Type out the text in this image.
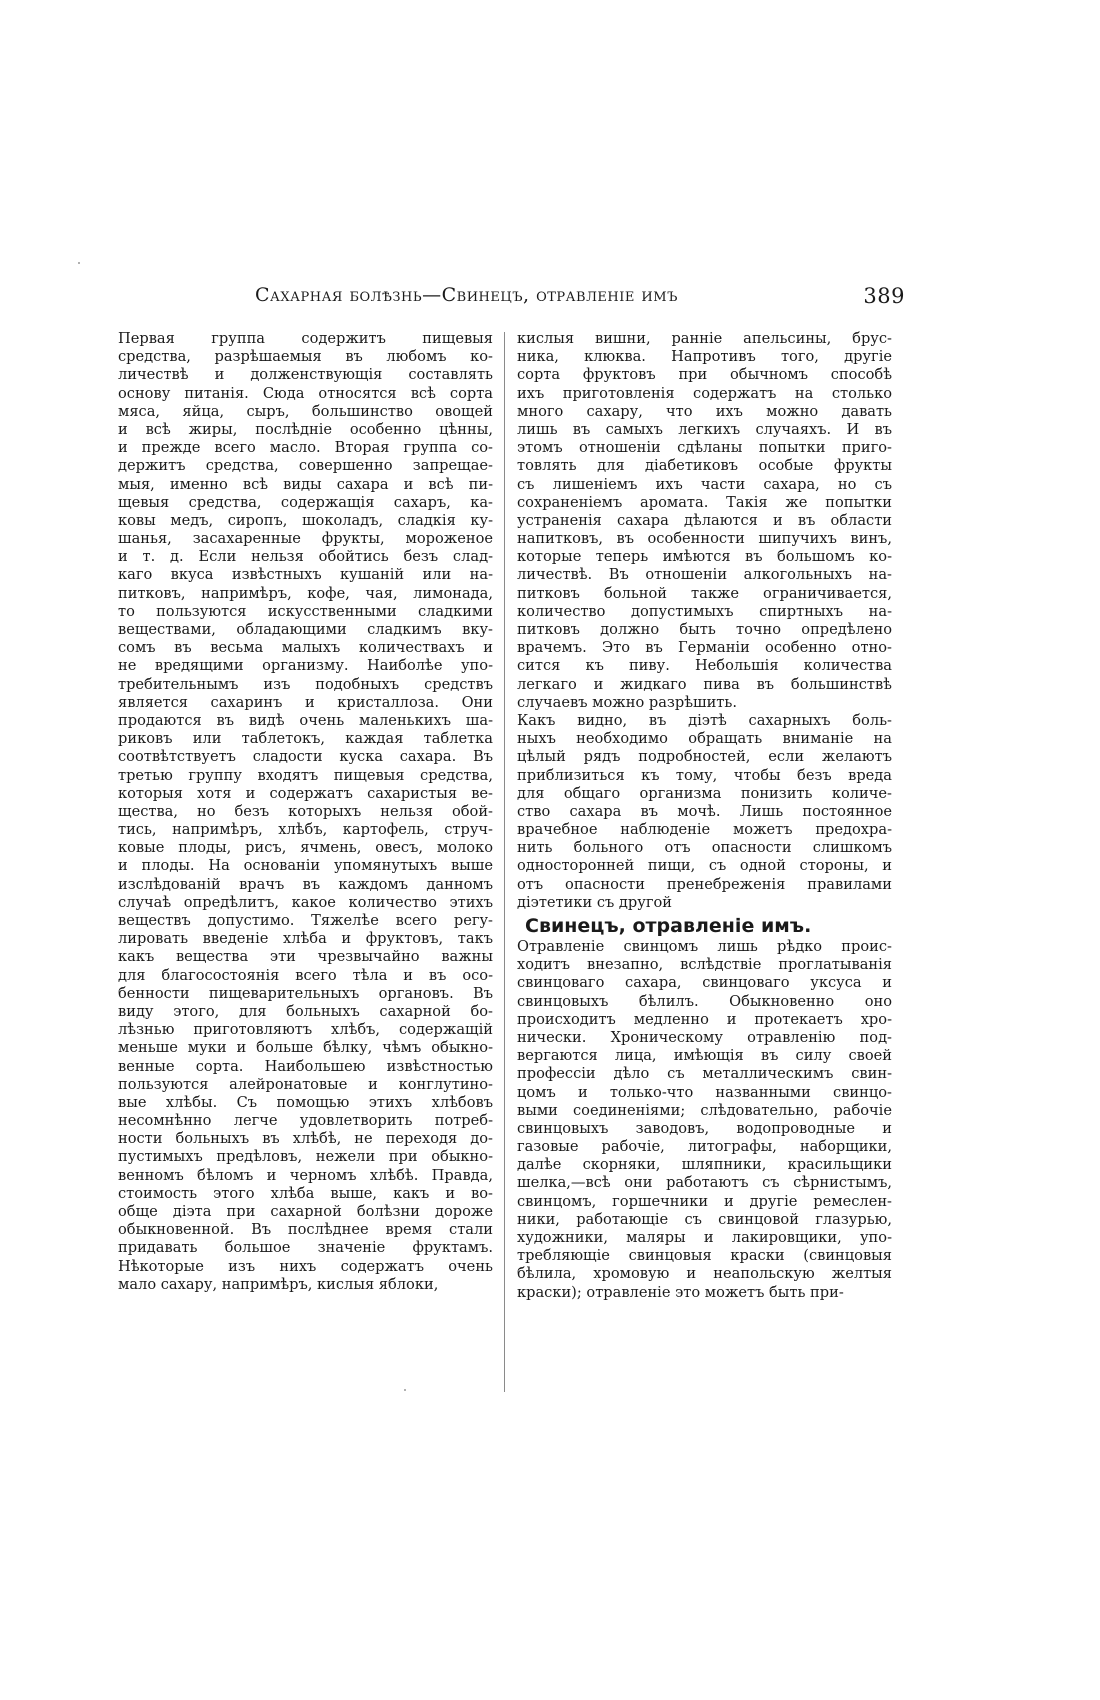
Сахарная болѣзнь—Свинецъ, отравленіе имъ	389
Первая группа содержитъ пищевыя
средства, разрѣшаемыя въ любомъ ко-
личествѣ и долженствующія составлять
основу питанія. Сюда относятся всѣ сорта
мяса, яйца, сыръ, большинство овощей
и всѣ жиры, послѣдніе особенно цѣнны,
и прежде всего масло. Вторая группа со-
держитъ средства, совершенно запрещае-
мыя, именно всѣ виды сахара и всѣ пи-
щевыя средства, содержащія сахаръ, ка-
ковы медъ, сиропъ, шоколадъ, сладкія ку-
шанья, засахаренные фрукты, мороженое
и т. д. Если нельзя обойтись безъ слад-
каго вкуса извѣстныхъ кушаній или на-
питковъ, напримѣръ, кофе, чая, лимонада,
то пользуются искусственными сладкими
веществами, обладающими сладкимъ вку-
сомъ въ весьма малыхъ количествахъ и
не вредящими организму. Наиболѣе упо-
требительнымъ изъ подобныхъ средствъ
является сахаринъ и кристаллоза. Они
продаются въ видѣ очень маленькихъ ша-
риковъ или таблетокъ, каждая таблетка
соотвѣтствуетъ сладости куска сахара. Въ
третью группу входятъ пищевыя средства,
которыя хотя и содержатъ сахаристыя ве-
щества, но безъ которыхъ нельзя обой-
тись, напримѣръ, хлѣбъ, картофель, струч-
ковые плоды, рисъ, ячмень, овесъ, молоко
и плоды. На основаніи упомянутыхъ выше
изслѣдованій врачъ въ каждомъ данномъ
случаѣ опредѣлитъ, какое количество этихъ
веществъ допустимо. Тяжелѣе всего регу-
лировать введеніе хлѣба и фруктовъ, такъ
какъ вещества эти чрезвычайно важны
для благосостоянія всего тѣла и въ осо-
бенности пищеварительныхъ органовъ. Въ
виду этого, для больныхъ сахарной бо-
лѣзнью приготовляютъ хлѣбъ, содержащій
меньше муки и больше бѣлку, чѣмъ обыкно-
венные сорта. Наибольшею извѣстностью
пользуются алейронатовые и конглутино-
вые хлѣбы. Съ помощью этихъ хлѣбовъ
несомнѣнно легче удовлетворить потреб-
ности больныхъ въ хлѣбѣ, не переходя до-
пустимыхъ предѣловъ, нежели при обыкно-
венномъ бѣломъ и черномъ хлѣбѣ. Правда,
стоимость этого хлѣба выше, какъ и во-
обще діэта при сахарной болѣзни дороже
обыкновенной. Въ послѣднее время стали
придавать большое значеніе фруктамъ.
Нѣкоторые изъ нихъ содержатъ очень
мало сахару, напримѣръ, кислыя яблоки,
кислыя вишни, ранніе апельсины, брус-
ника, клюква. Напротивъ того, другіе
сорта фруктовъ при обычномъ способѣ
ихъ приготовленія содержатъ на столько
много сахару, что ихъ можно давать
лишь въ самыхъ легкихъ случаяхъ. И въ
этомъ отношеніи сдѣланы попытки приго-
товлять для діабетиковъ особые фрукты
съ лишеніемъ ихъ части сахара, но съ
сохраненіемъ аромата. Такія же попытки
устраненія сахара дѣлаются и въ области
напитковъ, въ особенности шипучихъ винъ,
которые теперь имѣются въ большомъ ко-
личествѣ. Въ отношеніи алкогольныхъ на-
питковъ больной также ограничивается,
количество допустимыхъ спиртныхъ на-
питковъ должно быть точно опредѣлено
врачемъ. Это въ Германіи особенно отно-
сится къ пиву. Небольшія количества
легкаго и жидкаго пива въ большинствѣ
случаевъ можно разрѣшить.
Какъ видно, въ діэтѣ сахарныхъ боль-
ныхъ необходимо обращать вниманіе на
цѣлый рядъ подробностей, если желаютъ
приблизиться къ тому, чтобы безъ вреда
для общаго организма понизить количе-
ство сахара въ мочѣ. Лишь постоянное
врачебное наблюденіе можетъ предохра-
нить больного отъ опасности слишкомъ
односторонней пищи, съ одной стороны, и
отъ опасности пренебреженія правилами
діэтетики съ другой
Свинецъ, отравленіе имъ.
Отравленіе свинцомъ лишь рѣдко проис-
ходитъ внезапно, вслѣдствіе проглатыванія
свинцоваго сахара, свинцоваго уксуса и
свинцовыхъ бѣлилъ. Обыкновенно оно
происходитъ медленно и протекаетъ хро-
нически. Хроническому отравленію под-
вергаются лица, имѣющія въ силу своей
профессіи дѣло съ металлическимъ свин-
цомъ и только-что названными свинцо-
выми соединеніями; слѣдовательно, рабочіе
свинцовыхъ заводовъ, водопроводные и
газовые рабочіе, литографы, наборщики,
далѣе скорняки, шляпники, красильщики
шелка,—всѣ они работаютъ съ сѣрнистымъ,
свинцомъ, горшечники и другіе ремеслен-
ники, работающіе съ свинцовой глазурью,
художники, маляры и лакировщики, упо-
требляющіе свинцовыя краски (свинцовыя
бѣлила, хромовую и неапольскую желтыя
краски); отравленіе это можетъ быть при-
